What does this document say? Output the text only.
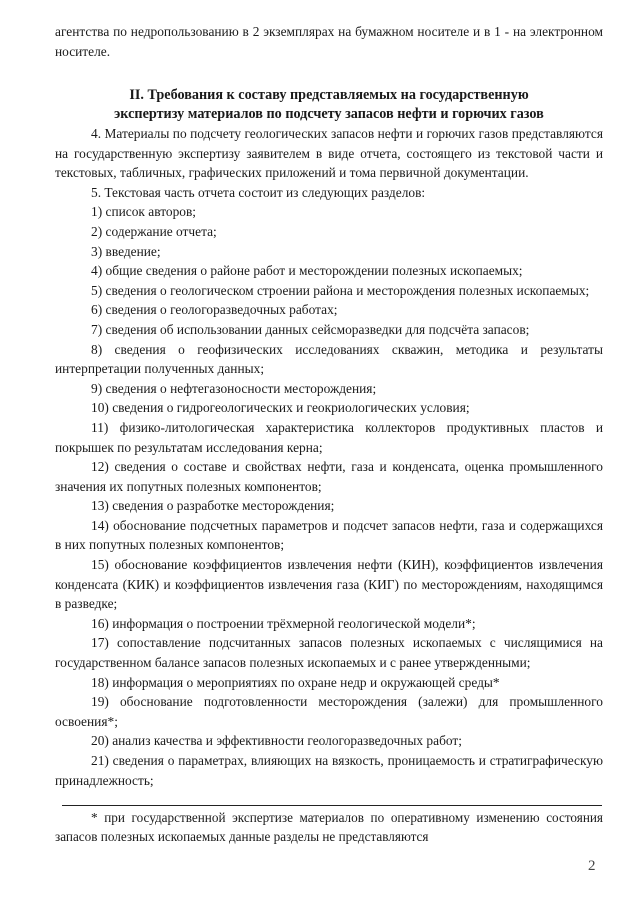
агентства по недропользованию в 2 экземплярах на бумажном носителе и в 1 - на электронном носителе.

II. Требования к составу представляемых на государственную
экспертизу материалов по подсчету запасов нефти и горючих газов

4. Материалы по подсчету геологических запасов нефти и горючих газов представляются на государственную экспертизу заявителем в виде отчета, состоящего из текстовой части и текстовых, табличных, графических приложений и тома первичной документации.

5. Текстовая часть отчета состоит из следующих разделов:

1) список авторов;

2) содержание отчета;

3) введение;

4) общие сведения о районе работ и месторождении полезных ископаемых;

5) сведения о геологическом строении района и месторождения полезных ископаемых;

6) сведения о геологоразведочных работах;

7) сведения об использовании данных сейсморазведки для подсчёта запасов;

8) сведения о геофизических исследованиях скважин, методика и результаты интерпретации полученных данных;

9) сведения о нефтегазоносности месторождения;

10) сведения о гидрогеологических и геокриологических условия;

11) физико-литологическая характеристика коллекторов продуктивных пластов и покрышек по результатам исследования керна;

12) сведения о составе и свойствах нефти, газа и конденсата, оценка промышленного значения их попутных полезных компонентов;

13) сведения о разработке месторождения;

14) обоснование подсчетных параметров и подсчет запасов нефти, газа и содержащихся в них попутных полезных компонентов;

15) обоснование коэффициентов извлечения нефти (КИН), коэффициентов извлечения конденсата (КИК) и коэффициентов извлечения газа (КИГ) по месторождениям, находящимся в разведке;

16) информация о построении трёхмерной геологической модели*;

17) сопоставление подсчитанных запасов полезных ископаемых с числящимися на государственном балансе запасов полезных ископаемых и с ранее утвержденными;

18) информация о мероприятиях по охране недр и окружающей среды*

19) обоснование подготовленности месторождения (залежи) для промышленного освоения*;

20) анализ качества и эффективности геологоразведочных работ;

21) сведения о параметрах, влияющих на вязкость, проницаемость и стратиграфическую принадлежность;

* при государственной экспертизе материалов по оперативному изменению состояния запасов полезных ископаемых данные разделы не представляются

2
